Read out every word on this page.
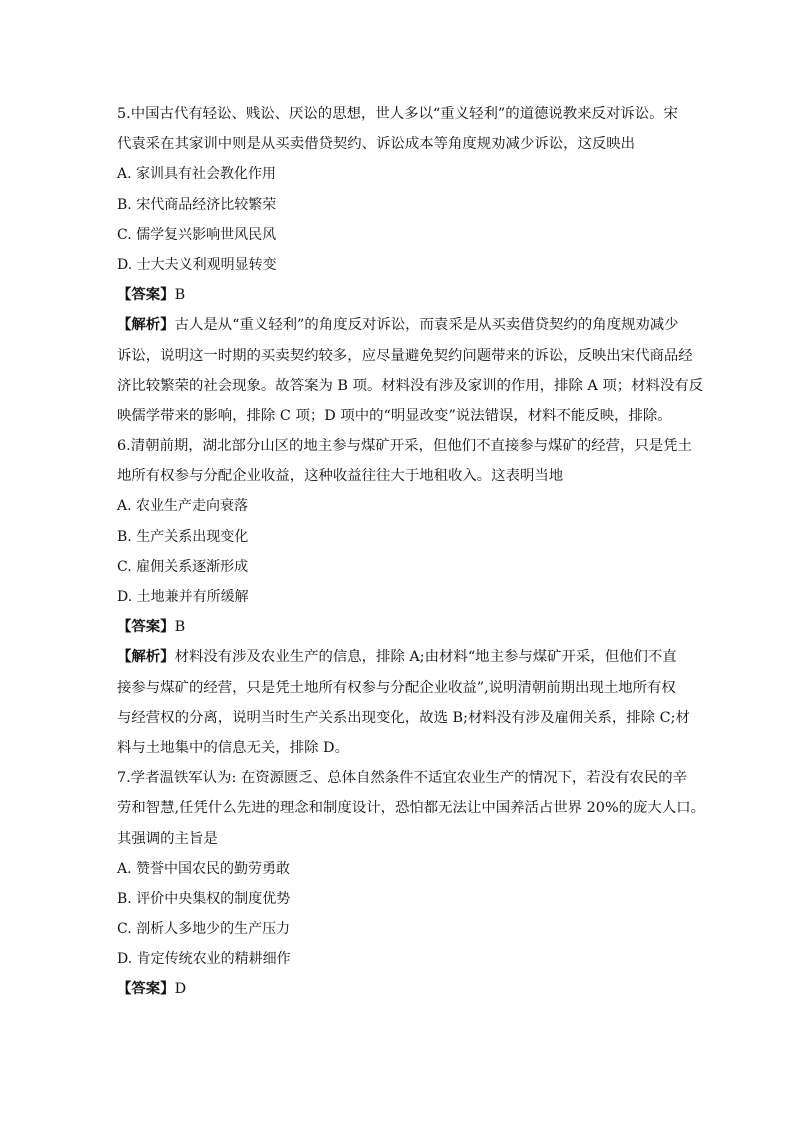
5.中国古代有轻讼、贱讼、厌讼的思想，世人多以“重义轻利”的道德说教来反对诉讼。宋
代袁采在其家训中则是从买卖借贷契约、诉讼成本等角度规劝减少诉讼，这反映出
A. 家训具有社会教化作用
B. 宋代商品经济比较繁荣
C. 儒学复兴影响世风民风
D. 士大夫义利观明显转变
【答案】B
【解析】古人是从“重义轻利”的角度反对诉讼，而袁采是从买卖借贷契约的角度规劝减少
诉讼，说明这一时期的买卖契约较多，应尽量避免契约问题带来的诉讼，反映出宋代商品经
济比较繁荣的社会现象。故答案为 B 项。材料没有涉及家训的作用，排除 A 项；材料没有反
映儒学带来的影响，排除 C 项；D 项中的“明显改变”说法错误，材料不能反映，排除。
6.清朝前期，湖北部分山区的地主参与煤矿开采，但他们不直接参与煤矿的经营，只是凭土
地所有权参与分配企业收益，这种收益往往大于地租收入。这表明当地
A. 农业生产走向衰落
B. 生产关系出现变化
C. 雇佣关系逐渐形成
D. 土地兼并有所缓解
【答案】B
【解析】材料没有涉及农业生产的信息，排除 A;由材料“地主参与煤矿开采，但他们不直
接参与煤矿的经营，只是凭土地所有权参与分配企业收益”,说明清朝前期出现土地所有权
与经营权的分离，说明当时生产关系出现变化，故选 B;材料没有涉及雇佣关系，排除 C;材
料与土地集中的信息无关，排除 D。
7.学者温铁军认为: 在资源匮乏、总体自然条件不适宜农业生产的情况下，若没有农民的辛
劳和智慧,任凭什么先进的理念和制度设计，恐怕都无法让中国养活占世界 20%的庞大人口。
其强调的主旨是
A. 赞誉中国农民的勤劳勇敢
B. 评价中央集权的制度优势
C. 剖析人多地少的生产压力
D. 肯定传统农业的精耕细作
【答案】D
